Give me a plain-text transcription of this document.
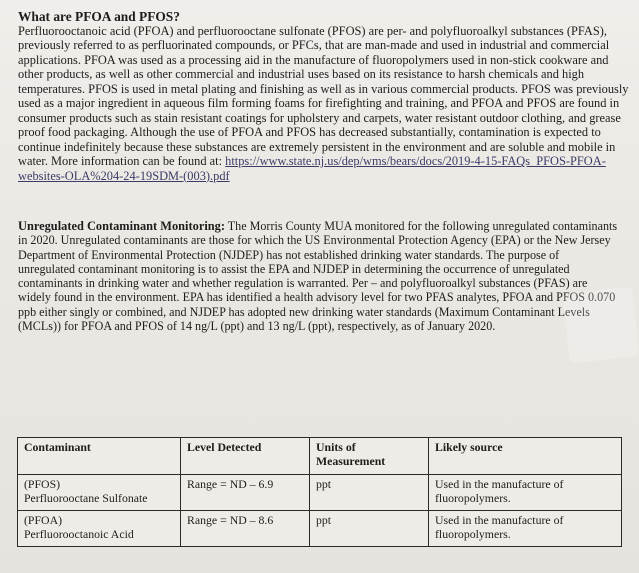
What are PFOA and PFOS?

Perfluorooctanoic acid (PFOA) and perfluorooctane sulfonate (PFOS) are per- and polyfluoroalkyl substances (PFAS), previously referred to as perfluorinated compounds, or PFCs, that are man-made and used in industrial and commercial applications. PFOA was used as a processing aid in the manufacture of fluoropolymers used in non-stick cookware and other products, as well as other commercial and industrial uses based on its resistance to harsh chemicals and high temperatures. PFOS is used in metal plating and finishing as well as in various commercial products. PFOS was previously used as a major ingredient in aqueous film forming foams for firefighting and training, and PFOA and PFOS are found in consumer products such as stain resistant coatings for upholstery and carpets, water resistant outdoor clothing, and grease proof food packaging. Although the use of PFOA and PFOS has decreased substantially, contamination is expected to continue indefinitely because these substances are extremely persistent in the environment and are soluble and mobile in water. More information can be found at: https://www.state.nj.us/dep/wms/bears/docs/2019-4-15-FAQs_PFOS-PFOA-websites-OLA%204-24-19SDM-(003).pdf

Unregulated Contaminant Monitoring: The Morris County MUA monitored for the following unregulated contaminants in 2020. Unregulated contaminants are those for which the US Environmental Protection Agency (EPA) or the New Jersey Department of Environmental Protection (NJDEP) has not established drinking water standards. The purpose of unregulated contaminant monitoring is to assist the EPA and NJDEP in determining the occurrence of unregulated contaminants in drinking water and whether regulation is warranted. Per – and polyfluoroalkyl substances (PFAS) are widely found in the environment. EPA has identified a health advisory level for two PFAS analytes, PFOA and PFOS 0.070 ppb either singly or combined, and NJDEP has adopted new drinking water standards (Maximum Contaminant Levels (MCLs)) for PFOA and PFOS of 14 ng/L (ppt) and 13 ng/L (ppt), respectively, as of January 2020.

Contaminant	Level Detected	Units of Measurement	Likely source

(PFOS)
Perfluorooctane Sulfonate	Range = ND – 6.9	ppt	Used in the manufacture of fluoropolymers.

(PFOA)
Perfluorooctanoic Acid	Range = ND – 8.6	ppt	Used in the manufacture of fluoropolymers.
